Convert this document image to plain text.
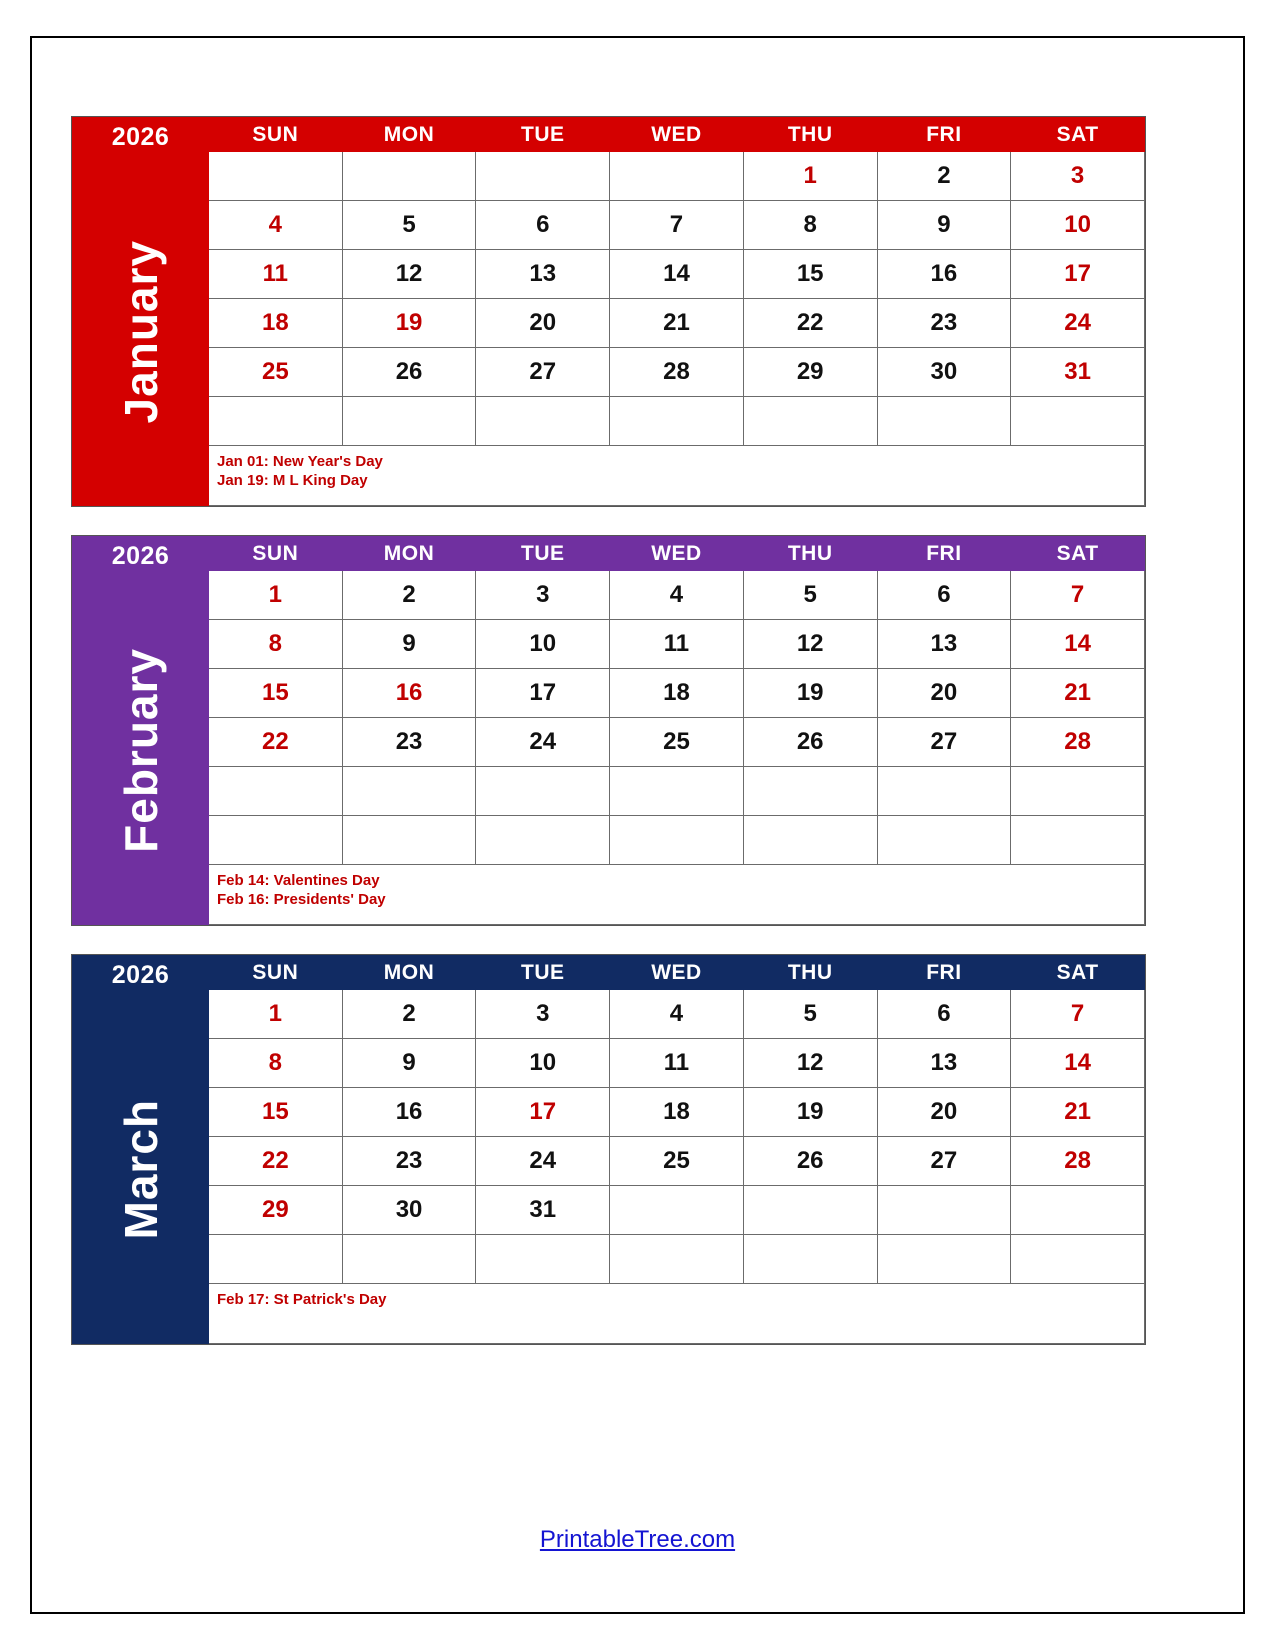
2026
January	SUN	MON	TUE	WED	THU	FRI	SAT
					1	2	3
	4	5	6	7	8	9	10
	11	12	13	14	15	16	17
	18	19	20	21	22	23	24
	25	26	27	28	29	30	31

	Jan 01: New Year's Day
Jan 19: M L King Day						
2026
February	SUN	MON	TUE	WED	THU	FRI	SAT
	1	2	3	4	5	6	7
	8	9	10	11	12	13	14
	15	16	17	18	19	20	21
	22	23	24	25	26	27	28

	Feb 14: Valentines Day
Feb 16: Presidents' Day						
2026
March	SUN	MON	TUE	WED	THU	FRI	SAT
	1	2	3	4	5	6	7
	8	9	10	11	12	13	14
	15	16	17	18	19	20	21
	22	23	24	25	26	27	28
	29	30	31				

	Feb 17: St Patrick's Day						
PrintableTree.com
